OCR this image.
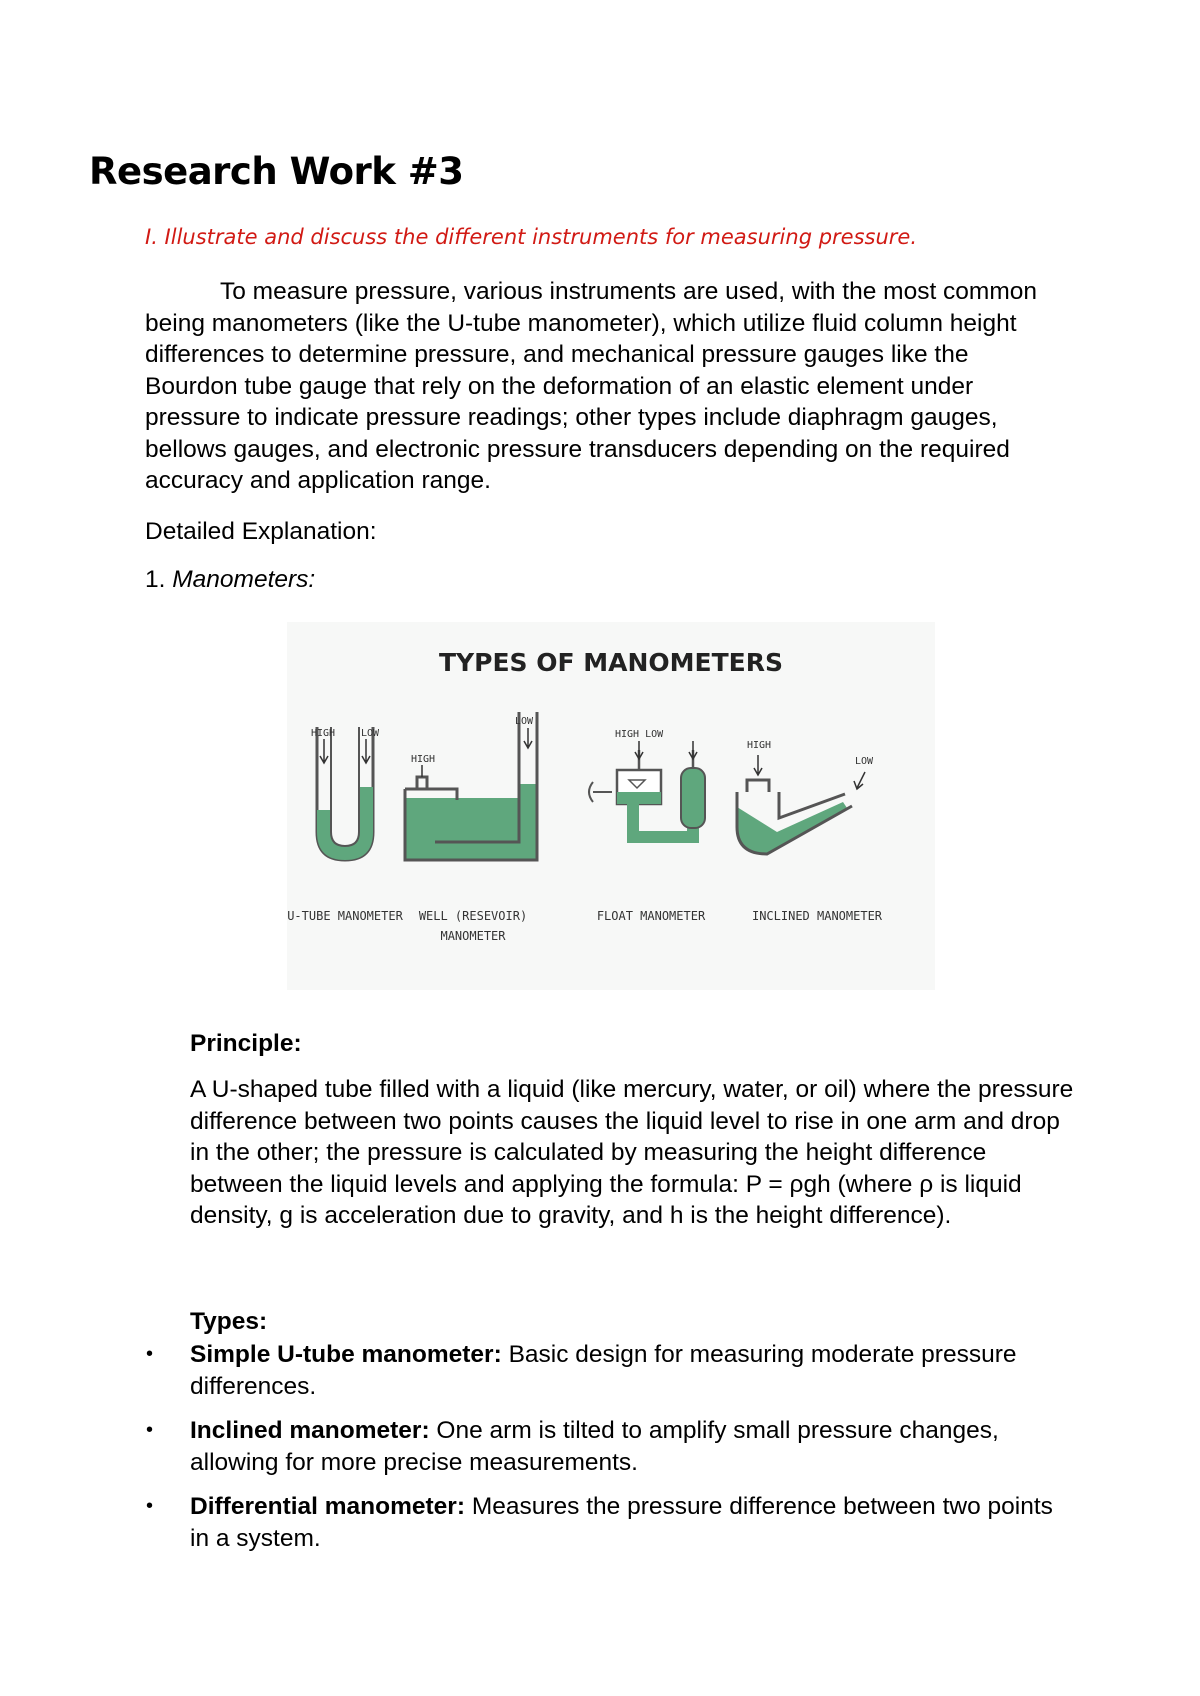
Research Work #3

I. Illustrate and discuss the different instruments for measuring pressure.

To measure pressure, various instruments are used, with the most common being manometers (like the U-tube manometer), which utilize fluid column height differences to determine pressure, and mechanical pressure gauges like the Bourdon tube gauge that rely on the deformation of an elastic element under pressure to indicate pressure readings; other types include diaphragm gauges, bellows gauges, and electronic pressure transducers depending on the required accuracy and application range.

Detailed Explanation:

1. Manometers:

TYPES OF MANOMETERS
HIGH	LOW
HIGH
LOW
HIGH LOW
HIGH
LOW
U-TUBE MANOMETER WELL (RESEVOIR)
MANOMETER
FLOAT MANOMETER	INCLINED MANOMETER

Principle:

A U-shaped tube filled with a liquid (like mercury, water, or oil) where the pressure difference between two points causes the liquid level to rise in one arm and drop in the other; the pressure is calculated by measuring the height difference between the liquid levels and applying the formula: P = ρgh (where ρ is liquid density, g is acceleration due to gravity, and h is the height difference).

Types:

• Simple U-tube manometer: Basic design for measuring moderate pressure differences.
• Inclined manometer: One arm is tilted to amplify small pressure changes, allowing for more precise measurements.
• Differential manometer: Measures the pressure difference between two points in a system.
